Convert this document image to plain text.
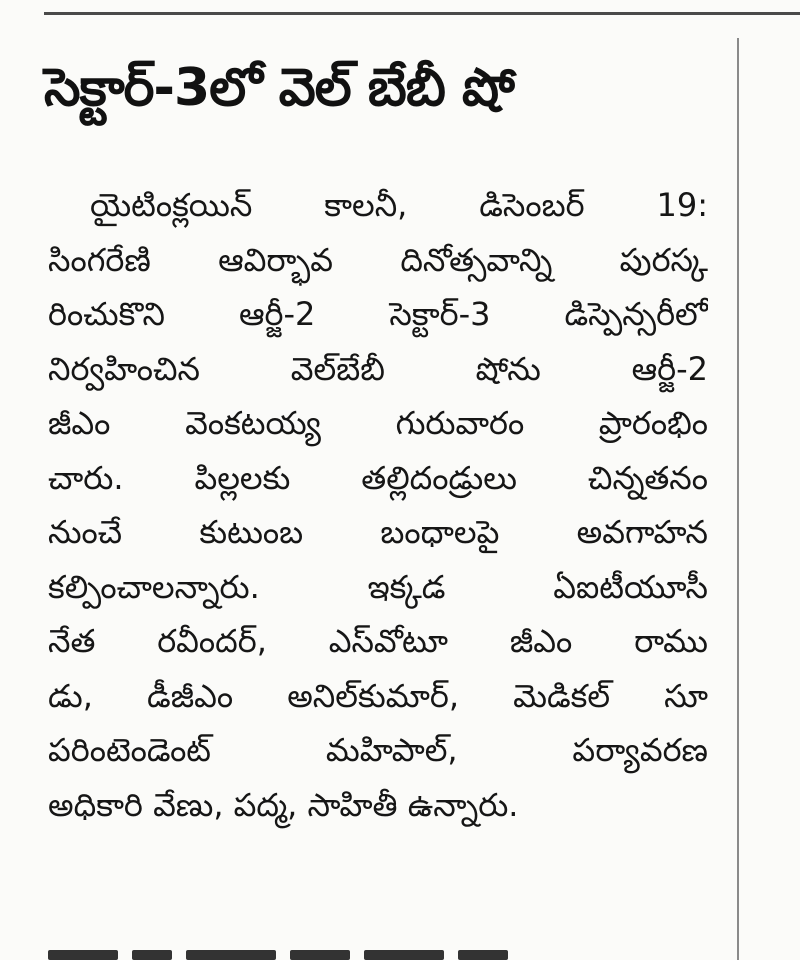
సెక్టార్‌-3లో వెల్‌ బేబీ షో
యైటింక్లయిన్‌ కాలనీ, డిసెంబర్‌ 19:
సింగరేణి ఆవిర్భావ దినోత్సవాన్ని పురస్క
రించుకొని ఆర్జీ-2 సెక్టార్‌-3 డిస్పెన్సరీలో
నిర్వహించిన వెల్‌బేబీ షోను ఆర్జీ-2
జీఎం వెంకటయ్య గురువారం ప్రారంభిం
చారు. పిల్లలకు తల్లిదండ్రులు చిన్నతనం
నుంచే కుటుంబ బంధాలపై అవగాహన
కల్పించాలన్నారు. ఇక్కడ ఏఐటీయూసీ
నేత రవీందర్‌, ఎస్‌వోటూ జీఎం రాము
డు, డీజీఎం అనిల్‌కుమార్‌, మెడికల్‌ సూ
పరింటెండెంట్‌ మహిపాల్‌, పర్యావరణ
అధికారి వేణు, పద్మ, సాహితీ ఉన్నారు.
